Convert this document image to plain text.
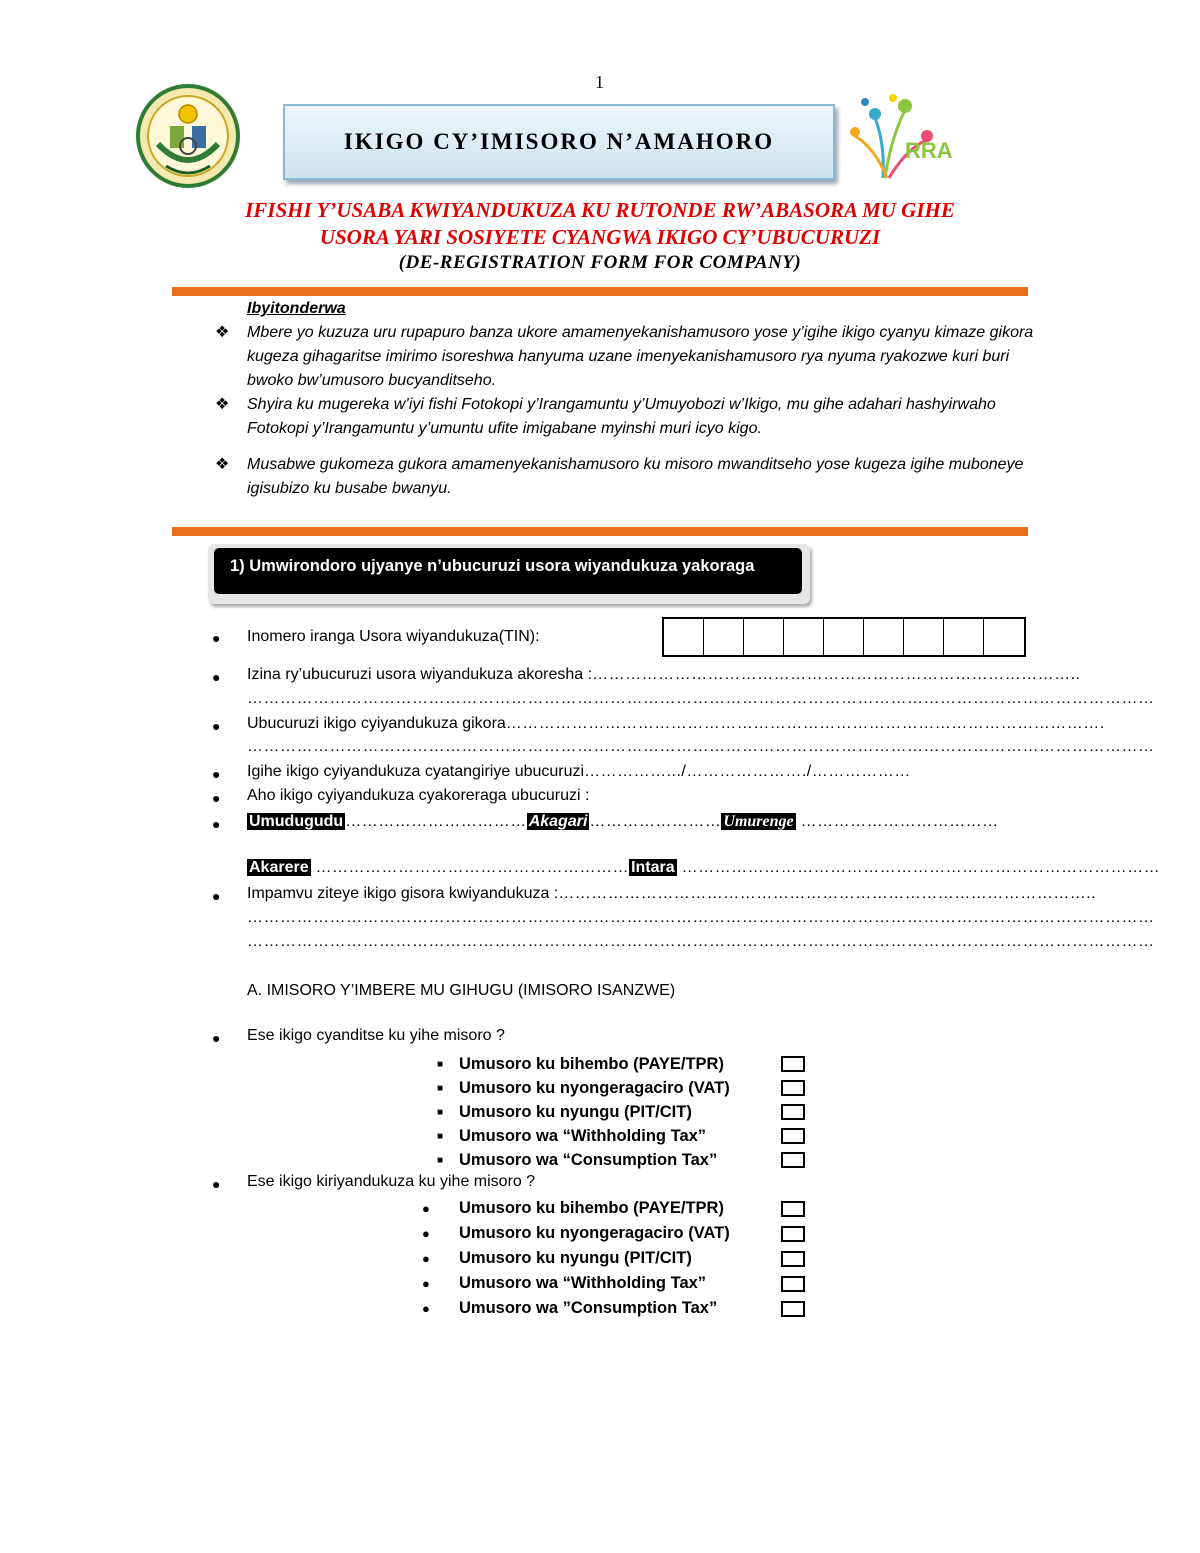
1
IKIGO CY’IMISORO N’AMAHORO	RRA
IFISHI Y’USABA KWIYANDUKUZA KU RUTONDE RW’ABASORA MU GIHE
USORA YARI SOSIYETE CYANGWA IKIGO CY’UBUCURUZI
(DE-REGISTRATION FORM FOR COMPANY)
Ibyitonderwa
❖	Mbere yo kuzuza uru rupapuro banza ukore amamenyekanishamusoro yose y’igihe ikigo cyanyu kimaze gikora kugeza gihagaritse imirimo isoreshwa hanyuma uzane imenyekanishamusoro rya nyuma ryakozwe kuri buri bwoko bw’umusoro bucyanditseho.
❖	Shyira ku mugereka w’iyi fishi Fotokopi y’Irangamuntu y’Umuyobozi w’Ikigo, mu gihe adahari hashyirwaho Fotokopi y’Irangamuntu y’umuntu ufite imigabane myinshi muri icyo kigo.
❖	Musabwe gukomeza gukora amamenyekanishamusoro ku misoro mwanditseho yose kugeza igihe muboneye igisubizo ku busabe bwanyu.
1) Umwirondoro ujyanye n’ubucuruzi usora wiyandukuza yakoraga
● Inomero iranga Usora wiyandukuza(TIN):
● Izina ry’ubucuruzi usora wiyandukuza akoresha :……………………………………………………………………………..
…………………………………………………………………………………………………………………………………………………
● Ubucuruzi ikigo cyiyandukuza gikora……………………………………………………………………………………………….
…………………………………………………………………………………………………………………………………………………
● Igihe ikigo cyiyandukuza cyatangiriye ubucuruzi…………….../…………………./………………
● Aho ikigo cyiyandukuza cyakoreraga ubucuruzi :
● Umudugudu …………………………… Akagari …………………… Umurenge ………………………………
Akarere ………………………………………………… Intara ……………………………………………………………………………
● Impamvu ziteye ikigo gisora kwiyandukuza :……………………………………………………………………………………..
…………………………………………………………………………………………………………………………………………………
…………………………………………………………………………………………………………………………………………………
A. IMISORO Y’IMBERE MU GIHUGU (IMISORO ISANZWE)
● Ese ikigo cyanditse ku yihe misoro ?
■ Umusoro ku bihembo (PAYE/TPR)
■ Umusoro ku nyongeragaciro (VAT)
■ Umusoro ku nyungu (PIT/CIT)
■ Umusoro wa “Withholding Tax”
■ Umusoro wa “Consumption Tax”
● Ese ikigo kiriyandukuza ku yihe misoro ?
●	Umusoro ku bihembo (PAYE/TPR)
●	Umusoro ku nyongeragaciro (VAT)
●	Umusoro ku nyungu (PIT/CIT)
●	Umusoro wa “Withholding Tax”
●	Umusoro wa ”Consumption Tax”
